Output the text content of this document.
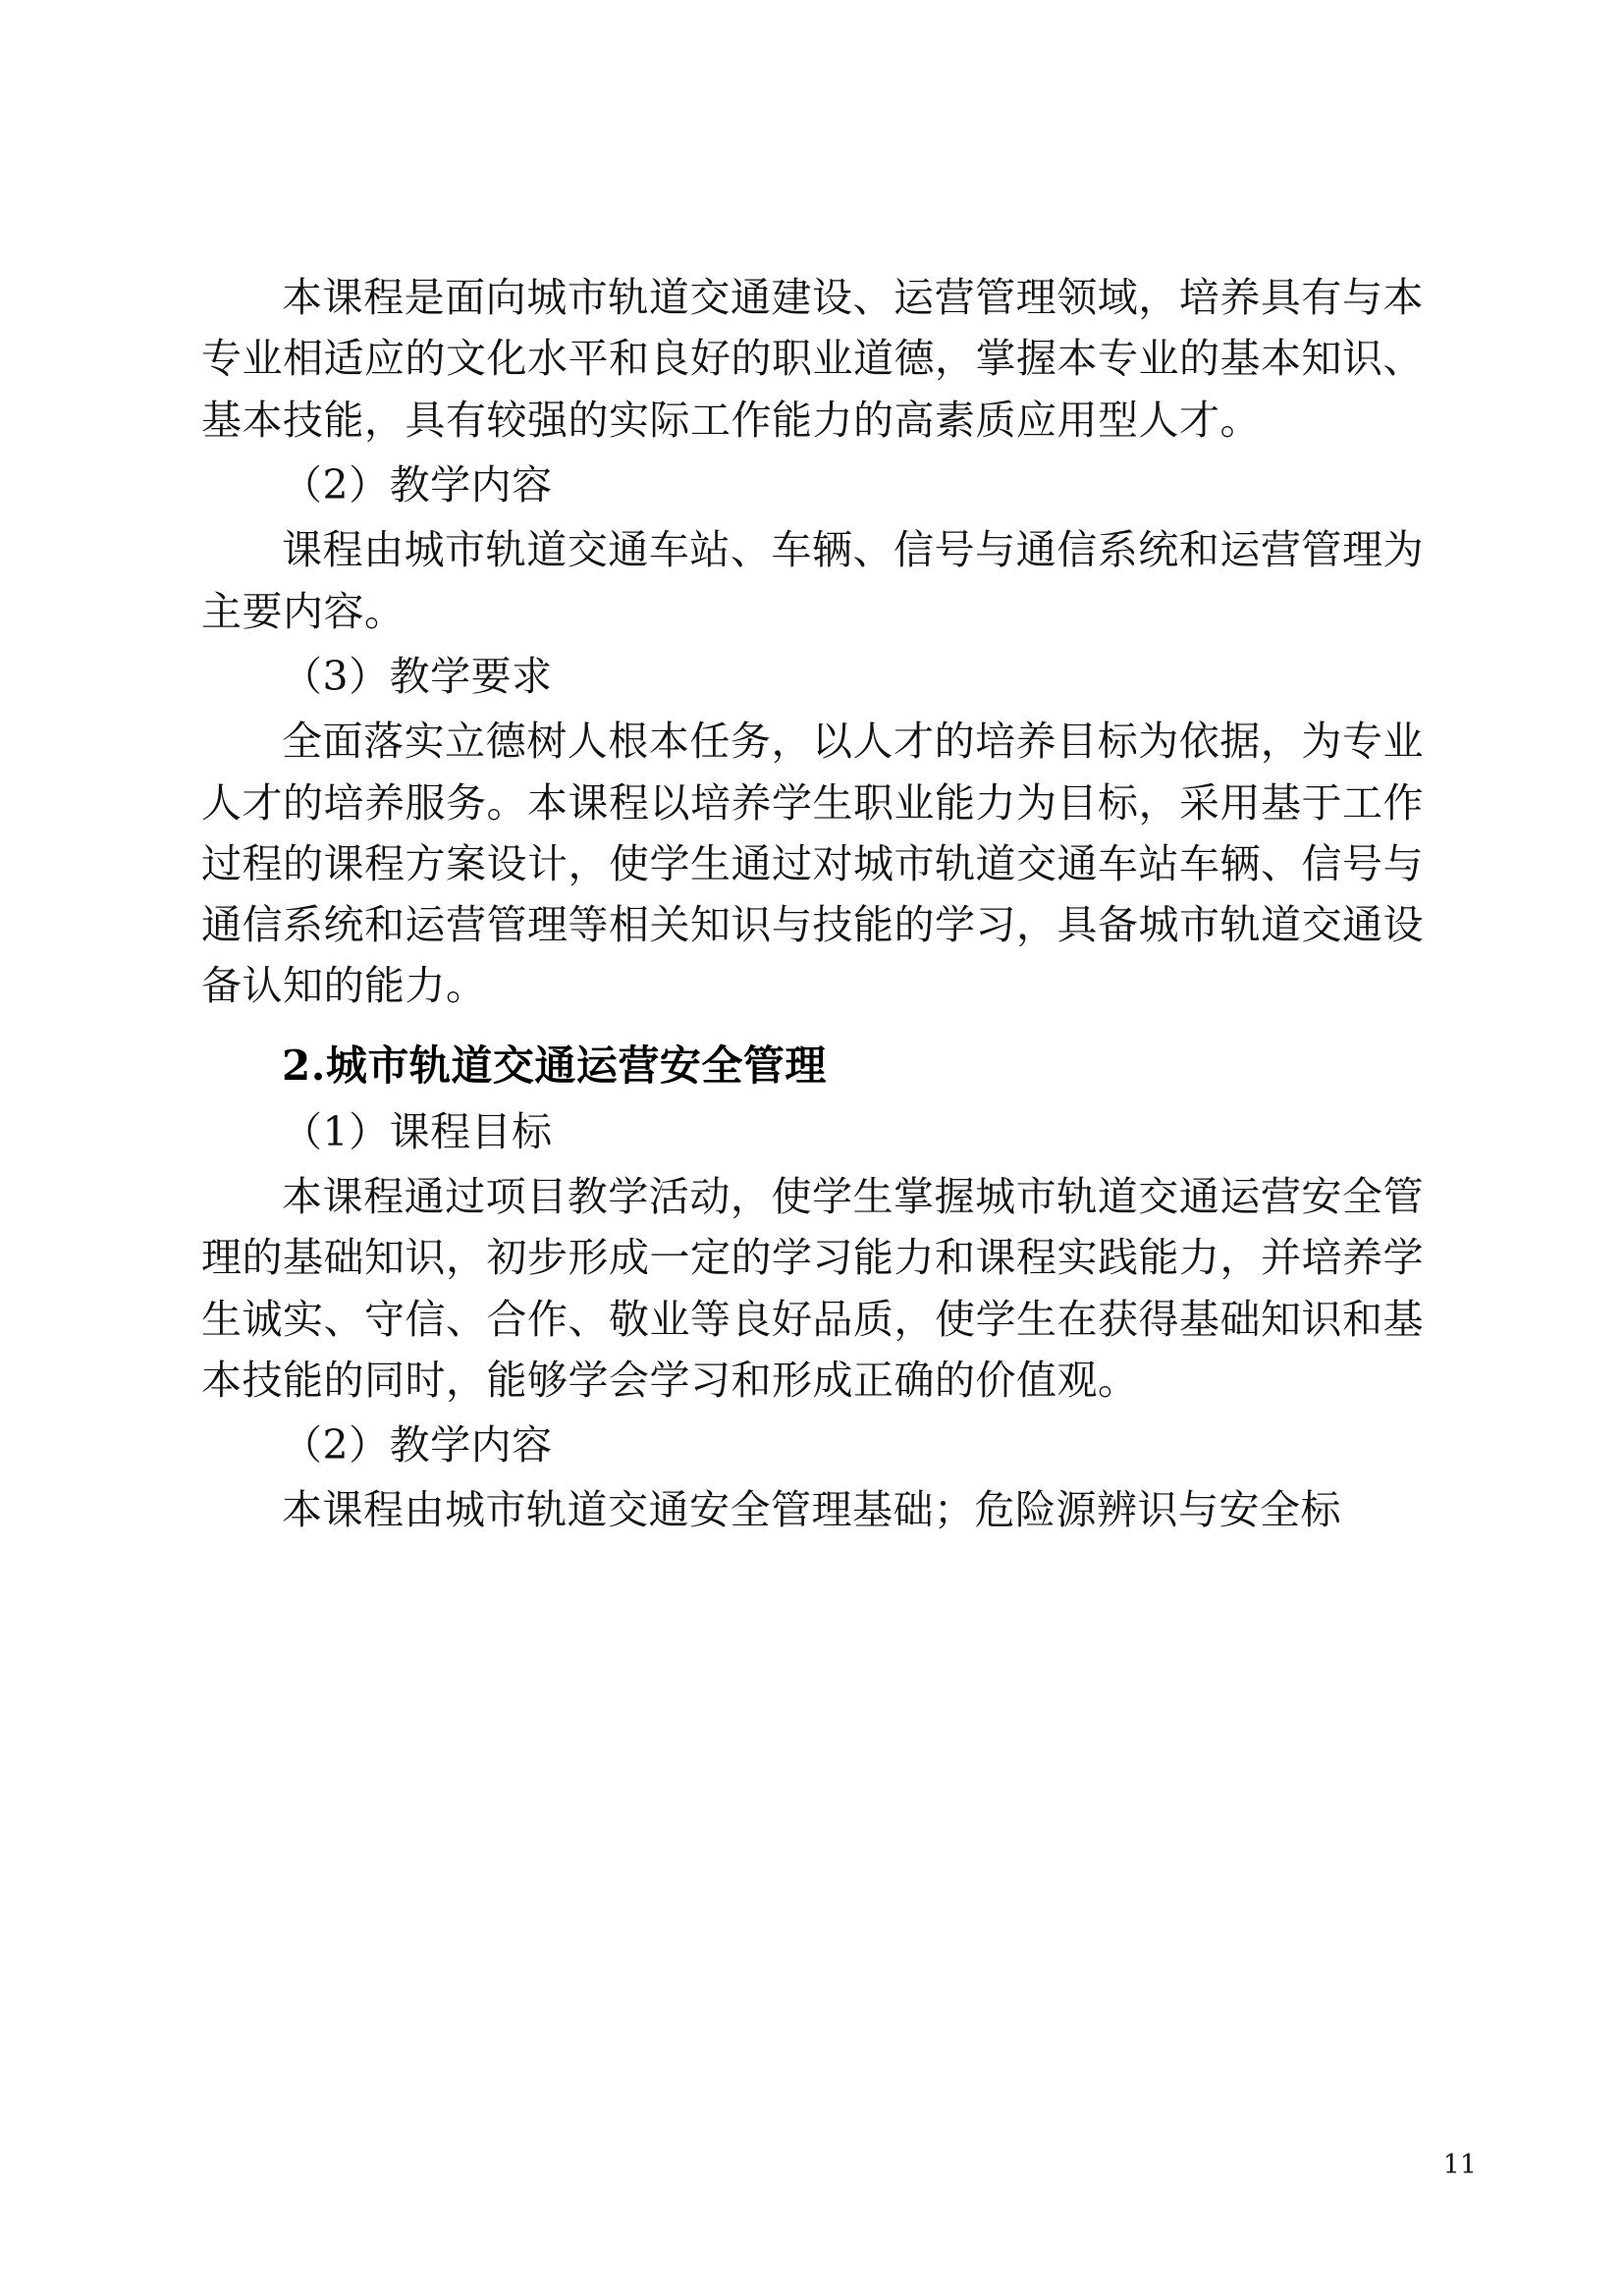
本课程是面向城市轨道交通建设、运营管理领域，培养具有与本专业相适应的文化水平和良好的职业道德，掌握本专业的基本知识、基本技能，具有较强的实际工作能力的高素质应用型人才。

（2）教学内容

课程由城市轨道交通车站、车辆、信号与通信系统和运营管理为主要内容。

（3）教学要求

全面落实立德树人根本任务，以人才的培养目标为依据，为专业人才的培养服务。本课程以培养学生职业能力为目标，采用基于工作过程的课程方案设计，使学生通过对城市轨道交通车站车辆、信号与通信系统和运营管理等相关知识与技能的学习，具备城市轨道交通设备认知的能力。

2.城市轨道交通运营安全管理

（1）课程目标

本课程通过项目教学活动，使学生掌握城市轨道交通运营安全管理的基础知识，初步形成一定的学习能力和课程实践能力，并培养学生诚实、守信、合作、敬业等良好品质，使学生在获得基础知识和基本技能的同时，能够学会学习和形成正确的价值观。

（2）教学内容

本课程由城市轨道交通安全管理基础；危险源辨识与安全标

11
